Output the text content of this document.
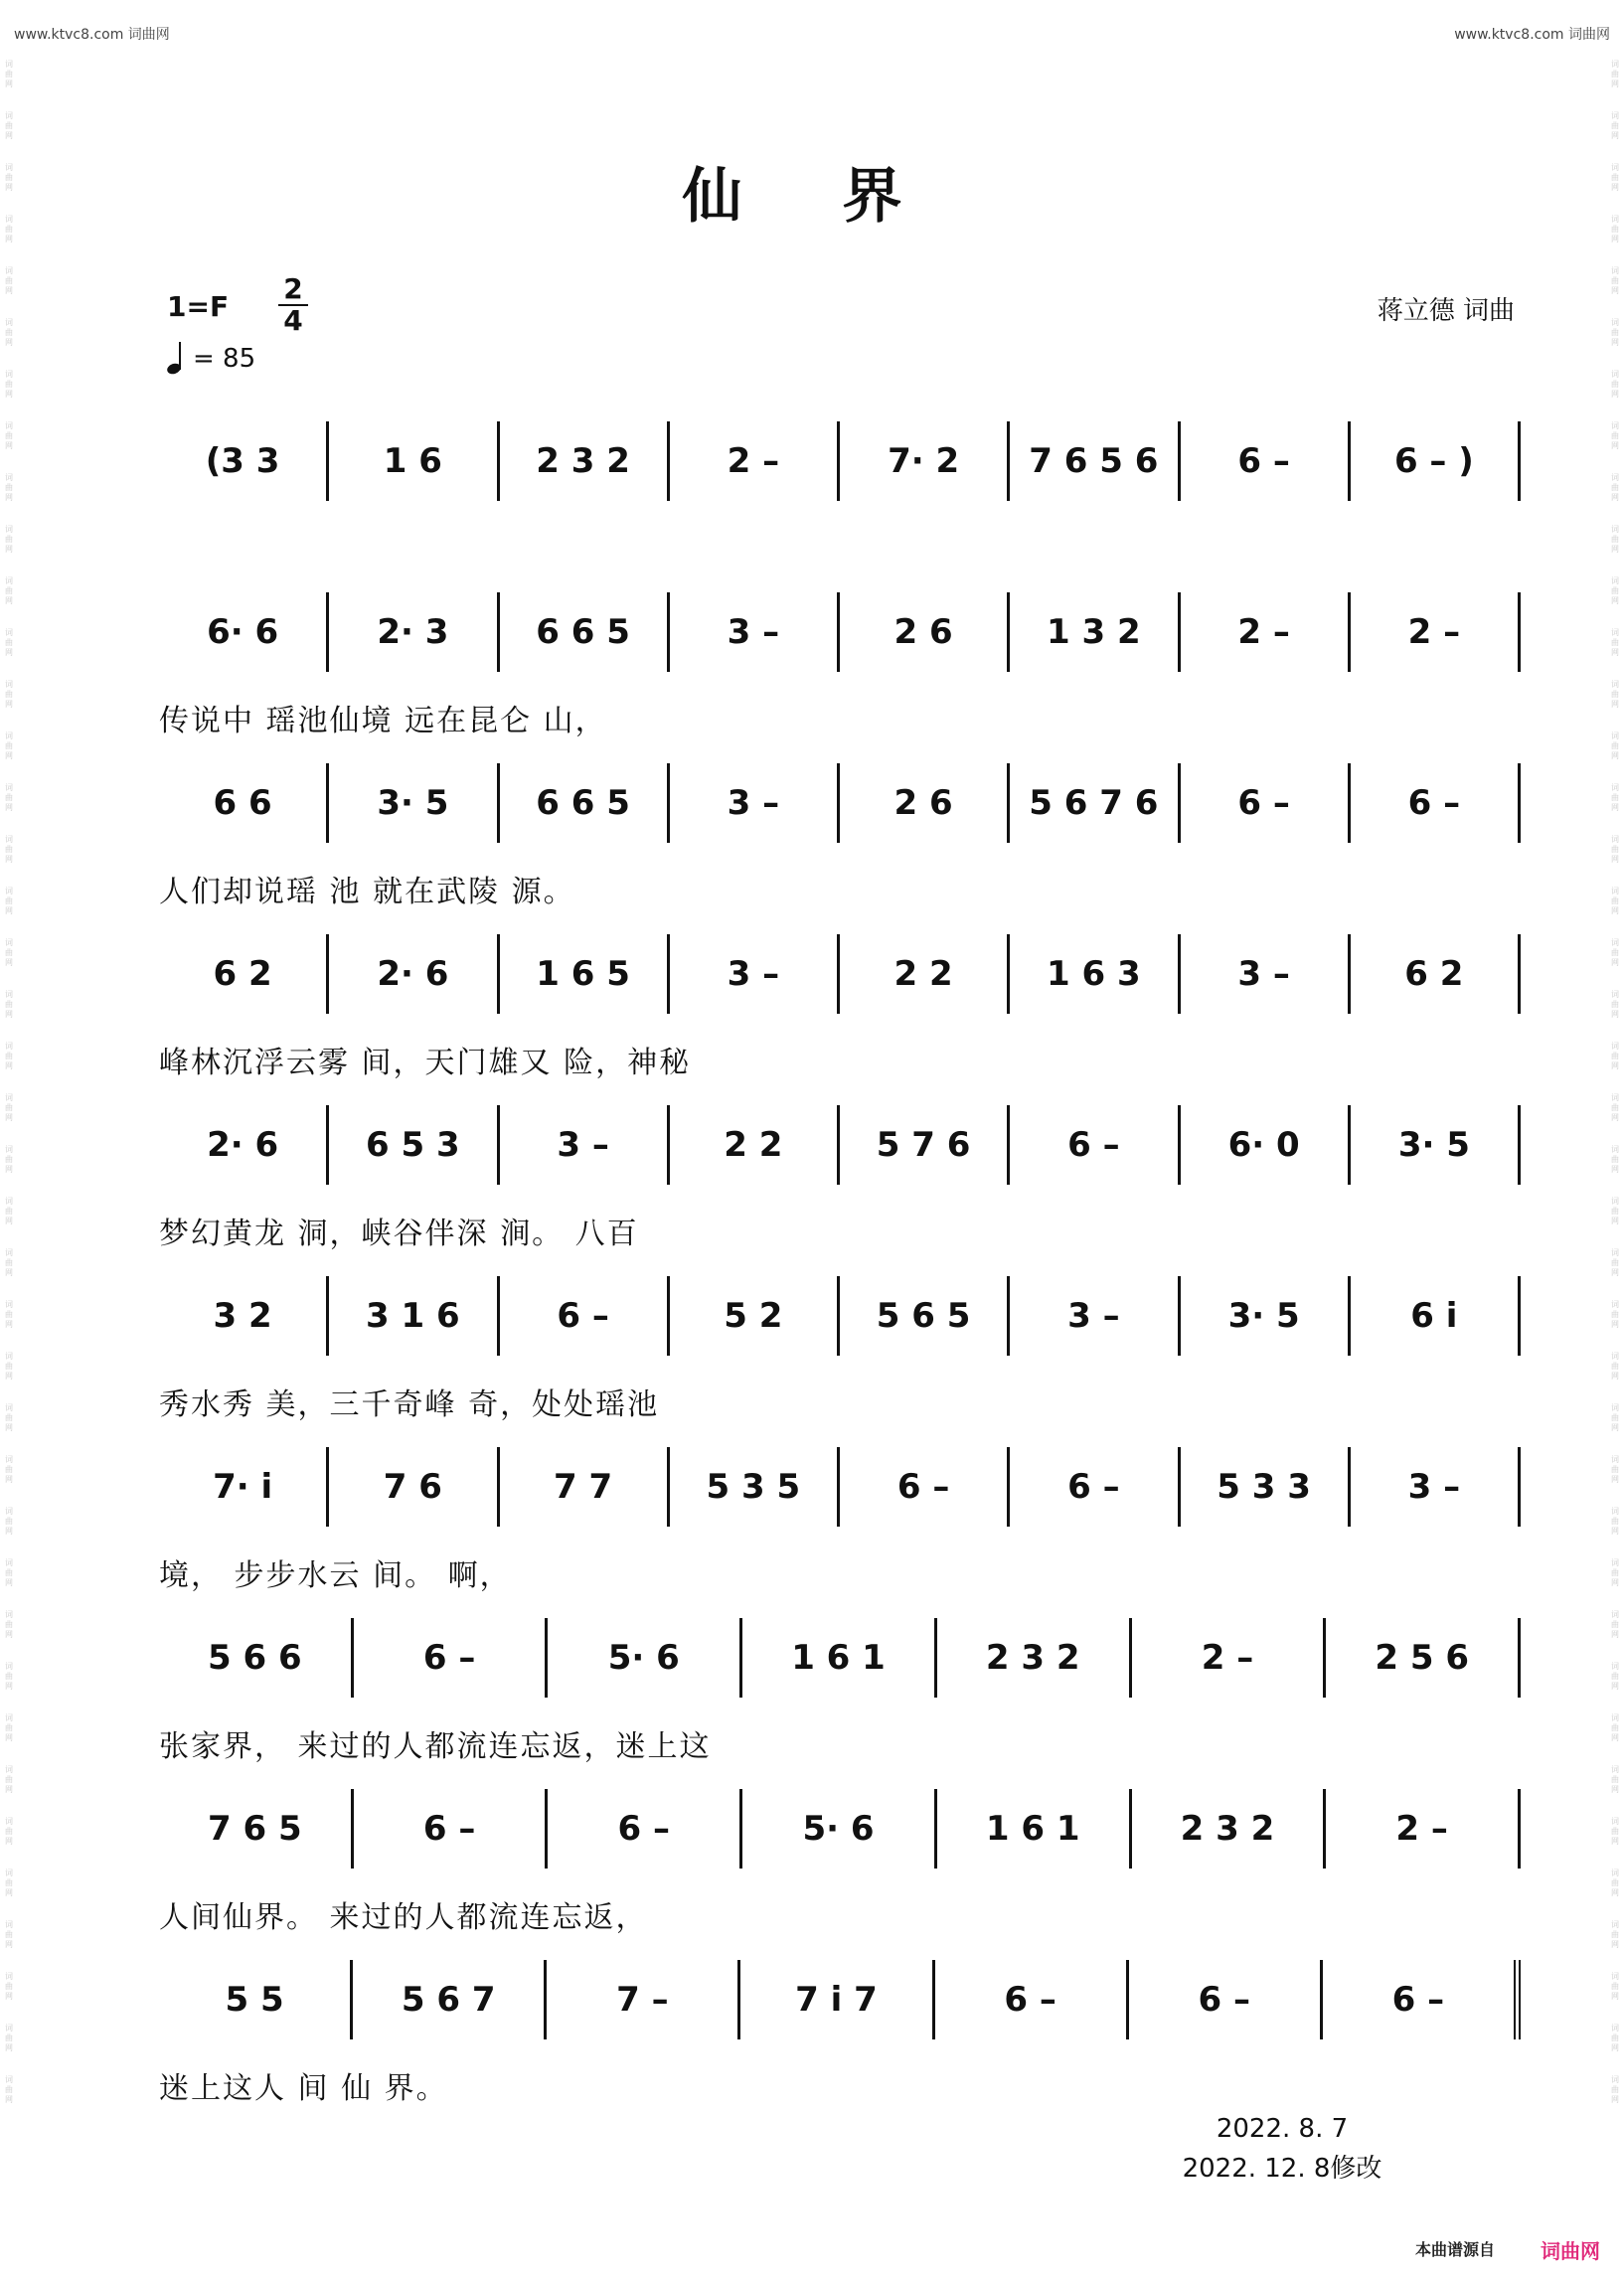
www.ktvc8.com 词曲网	www.ktvc8.com 词曲网
词曲网
词曲网
词曲网
词曲网
词曲网
词曲网
词曲网
词曲网
词曲网
词曲网
词曲网
词曲网
词曲网
词曲网
词曲网
词曲网
词曲网
词曲网
词曲网
词曲网
词曲网
词曲网
词曲网
词曲网
词曲网
词曲网
词曲网
词曲网
词曲网
词曲网
词曲网
词曲网
词曲网
词曲网
词曲网
词曲网
词曲网
词曲网
词曲网
词曲网
词曲网
词曲网
词曲网
词曲网
词曲网
词曲网
词曲网
词曲网
词曲网
词曲网
词曲网
词曲网
词曲网
词曲网
词曲网
词曲网
词曲网
词曲网
词曲网
词曲网
词曲网
词曲网
词曲网
词曲网
词曲网
词曲网
词曲网
词曲网
词曲网
词曲网
词曲网
词曲网
词曲网
词曲网
词曲网
词曲网
词曲网
词曲网
词曲网
词曲网
仙 界
$1=F \frac{2}{4}$
= 85
蒋立德 词曲
(3 3	1 6	2 3 2	2 –	7· 2	7 6 5 6	6 –	6 – )
6· 6	2· 3	6 6 5	3 –	2 6	1 3 2	2 –	2 –
传说中 瑶池仙境 远在昆仑 山，
6 6	3· 5	6 6 5	3 –	2 6	5 6 7 6	6 –	6 –
人们却说瑶 池 就在武陵 源。
6 2	2· 6	1 6 5	3 –	2 2	1 6 3	3 –	6 2
峰林沉浮云雾 间，天门雄又 险，神秘
2· 6	6 5 3	3 –	2 2	5 7 6	6 –	6· 0	3· 5
梦幻黄龙 洞，峡谷伴深 涧。 八百
3 2	3 1 6	6 –	5 2	5 6 5	3 –	3· 5	6 i
秀水秀 美，三千奇峰 奇，处处瑶池
7· i	7 6	7 7	5 3 5	6 –	6 –	5 3 3	3 –
境， 步步水云 间。 啊，
5 6 6	6 –	5· 6	1 6 1	2 3 2	2 –	2 5 6
张家界， 来过的人都流连忘返，迷上这
7 6 5	6 –	6 –	5· 6	1 6 1	2 3 2	2 –
人间仙界。 来过的人都流连忘返，
5 5	5 6 7	7 –	7 i 7	6 –	6 –	6 –
迷上这人 间 仙 界。
2022. 8. 7
2022. 12. 8修改
本曲谱源自 词曲网
